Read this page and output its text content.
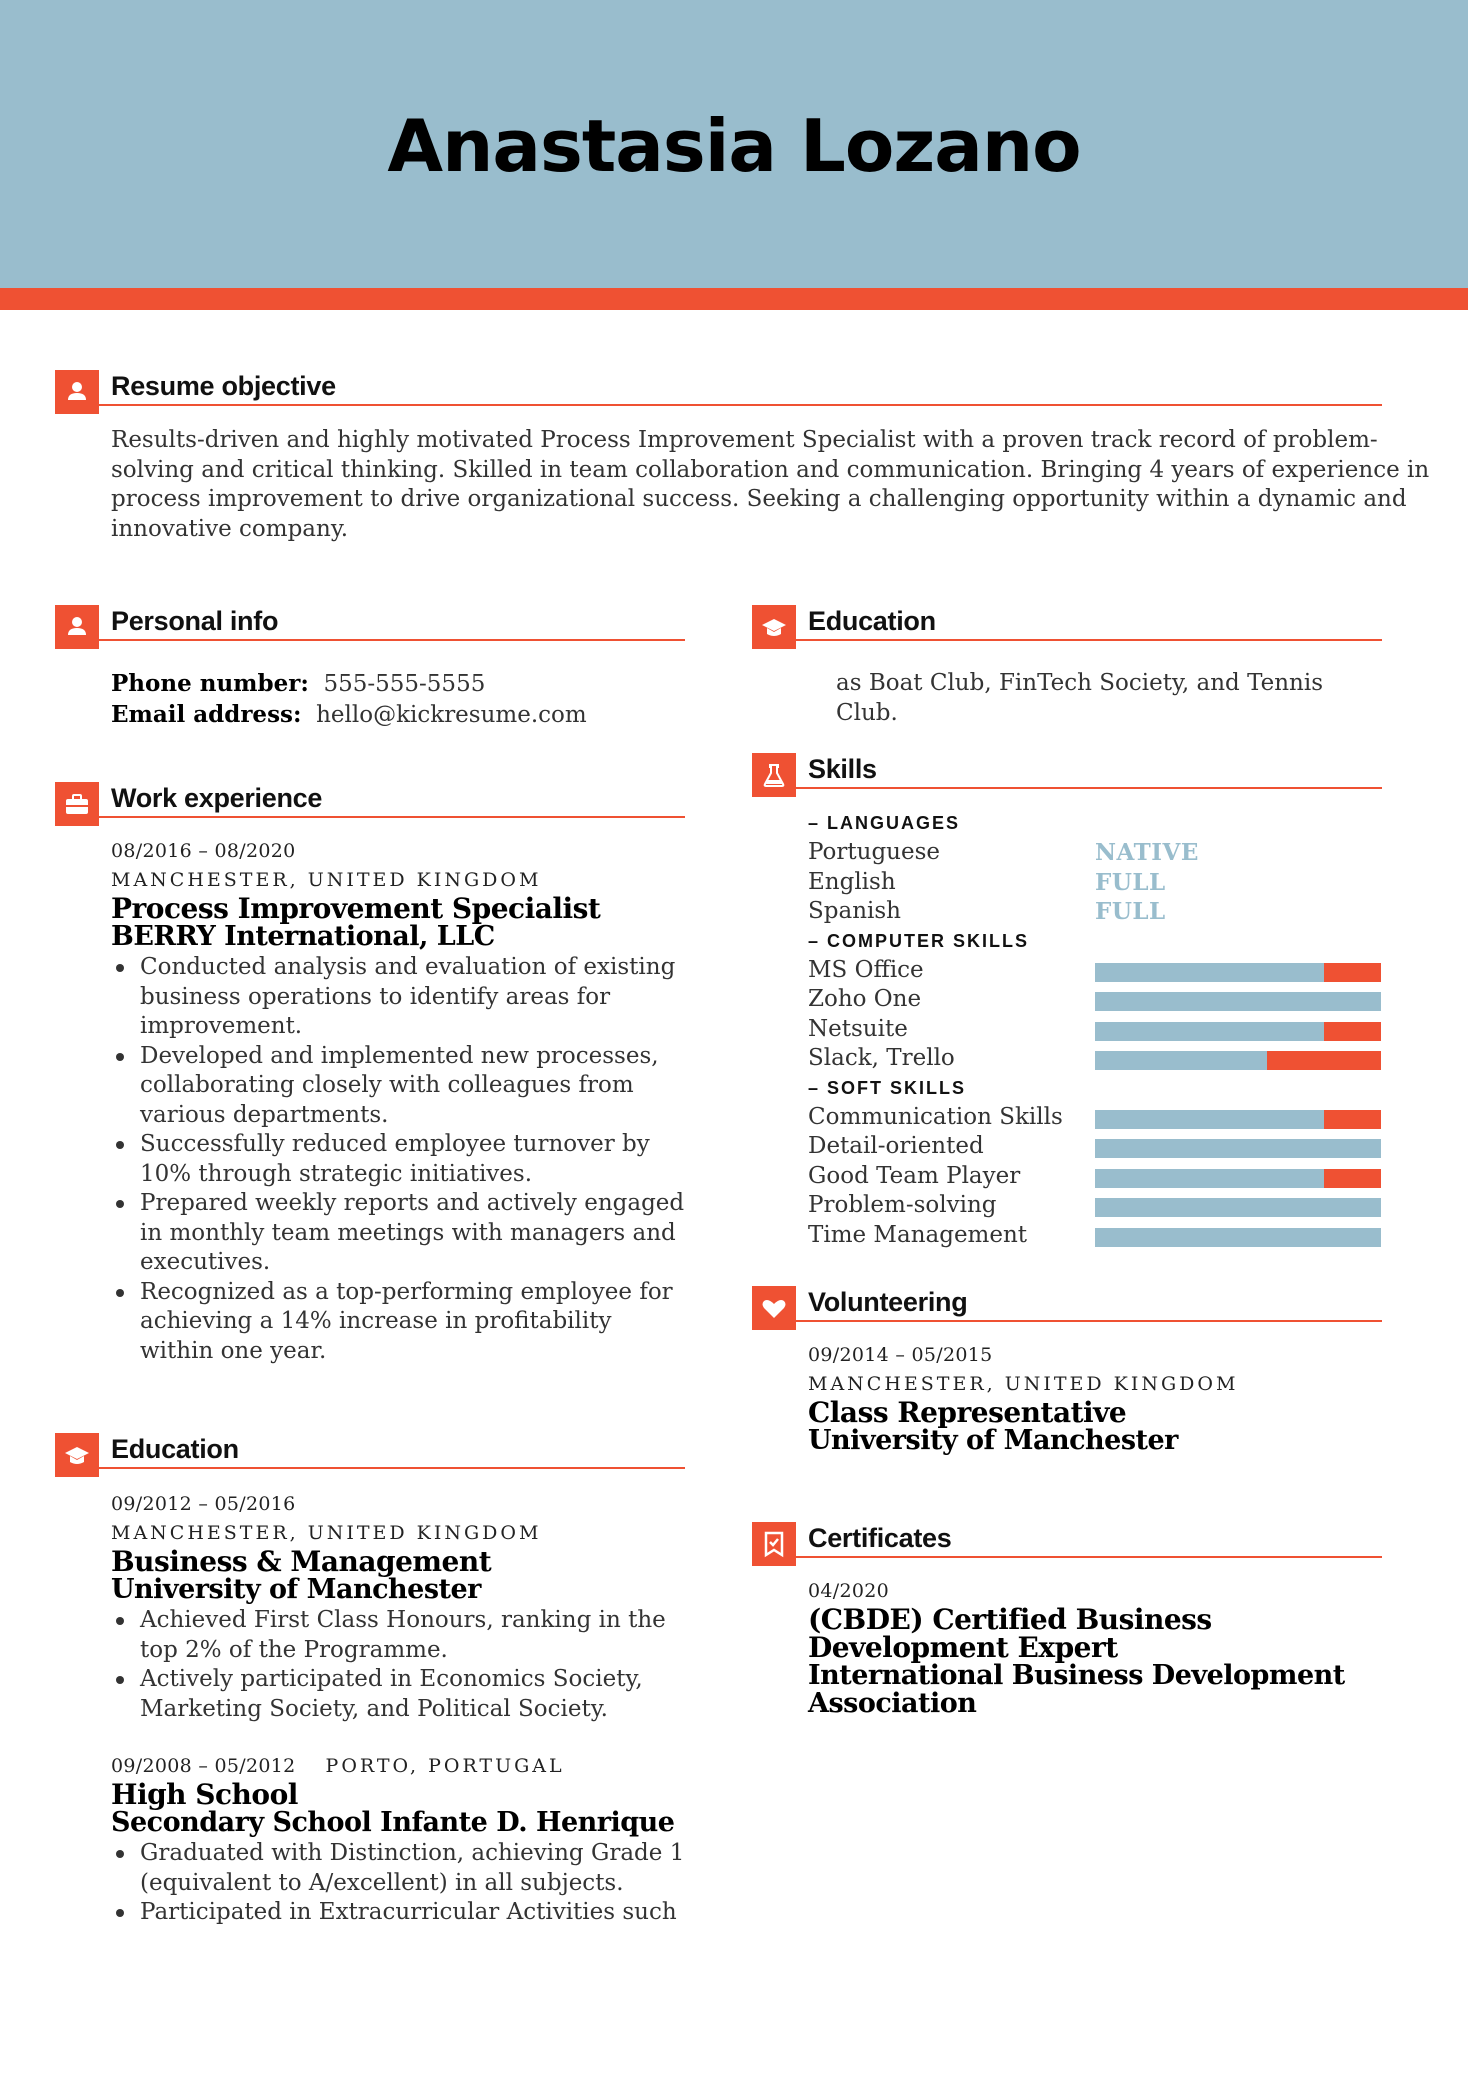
Anastasia Lozano
Resume objective
Results-driven and highly motivated Process Improvement Specialist with a proven track record of problem-solving and critical thinking. Skilled in team collaboration and communication. Bringing 4 years of experience in process improvement to drive organizational success. Seeking a challenging opportunity within a dynamic and innovative company.
Personal info
Phone number: 555-555-5555
Email address: hello@kickresume.com
Work experience
08/2016 – 08/2020
MANCHESTER, UNITED KINGDOM
Process Improvement Specialist
BERRY International, LLC
Conducted analysis and evaluation of existing business operations to identify areas for improvement.
Developed and implemented new processes, collaborating closely with colleagues from various departments.
Successfully reduced employee turnover by 10% through strategic initiatives.
Prepared weekly reports and actively engaged in monthly team meetings with managers and executives.
Recognized as a top-performing employee for achieving a 14% increase in profitability within one year.
Education
09/2012 – 05/2016
MANCHESTER, UNITED KINGDOM
Business & Management
University of Manchester
Achieved First Class Honours, ranking in the top 2% of the Programme.
Actively participated in Economics Society, Marketing Society, and Political Society.
09/2008 – 05/2012 PORTO, PORTUGAL
High School
Secondary School Infante D. Henrique
Graduated with Distinction, achieving Grade 1 (equivalent to A/excellent) in all subjects.
Participated in Extracurricular Activities such
Education
as Boat Club, FinTech Society, and Tennis Club.
Skills
– LANGUAGES
Portuguese	NATIVE
English	FULL
Spanish	FULL
– COMPUTER SKILLS
MS Office
Zoho One
Netsuite
Slack, Trello
– SOFT SKILLS
Communication Skills
Detail-oriented
Good Team Player
Problem-solving
Time Management
Volunteering
09/2014 – 05/2015
MANCHESTER, UNITED KINGDOM
Class Representative
University of Manchester
Certificates
04/2020
(CBDE) Certified Business Development Expert
International Business Development Association
